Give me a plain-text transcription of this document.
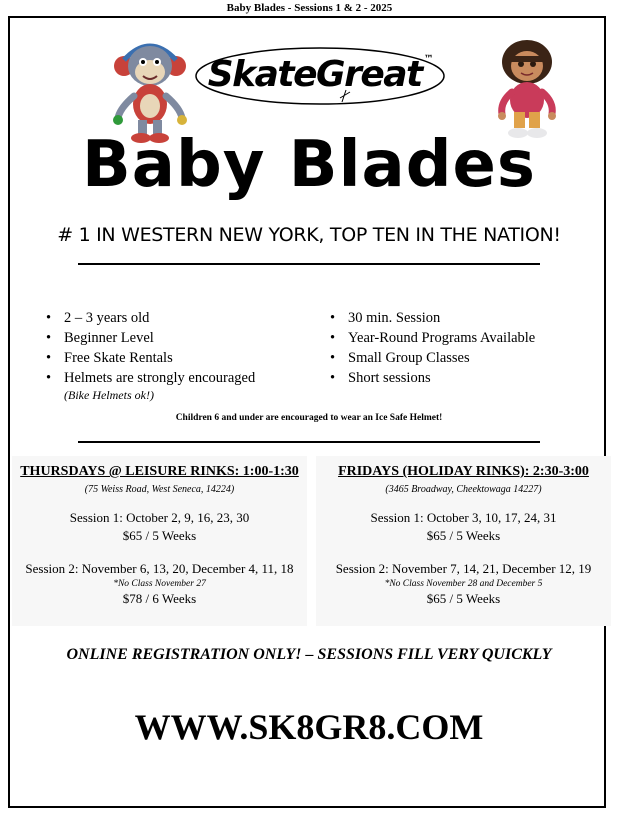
Baby Blades - Sessions 1 & 2 - 2025
SkateGreat ™
Baby Blades
# 1 IN WESTERN NEW YORK, TOP TEN IN THE NATION!
• 2 – 3 years old
• Beginner Level
• Free Skate Rentals
• Helmets are strongly encouraged
(Bike Helmets ok!)
• 30 min. Session
• Year-Round Programs Available
• Small Group Classes
• Short sessions
Children 6 and under are encouraged to wear an Ice Safe Helmet!
THURSDAYS @ LEISURE RINKS: 1:00-1:30
(75 Weiss Road, West Seneca, 14224)
Session 1: October 2, 9, 16, 23, 30
$65 / 5 Weeks
Session 2: November 6, 13, 20, December 4, 11, 18
*No Class November 27
$78 / 6 Weeks
FRIDAYS (HOLIDAY RINKS): 2:30-3:00
(3465 Broadway, Cheektowaga 14227)
Session 1: October 3, 10, 17, 24, 31
$65 / 5 Weeks
Session 2: November 7, 14, 21, December 12, 19
*No Class November 28 and December 5
$65 / 5 Weeks
ONLINE REGISTRATION ONLY! – SESSIONS FILL VERY QUICKLY
WWW.SK8GR8.COM
